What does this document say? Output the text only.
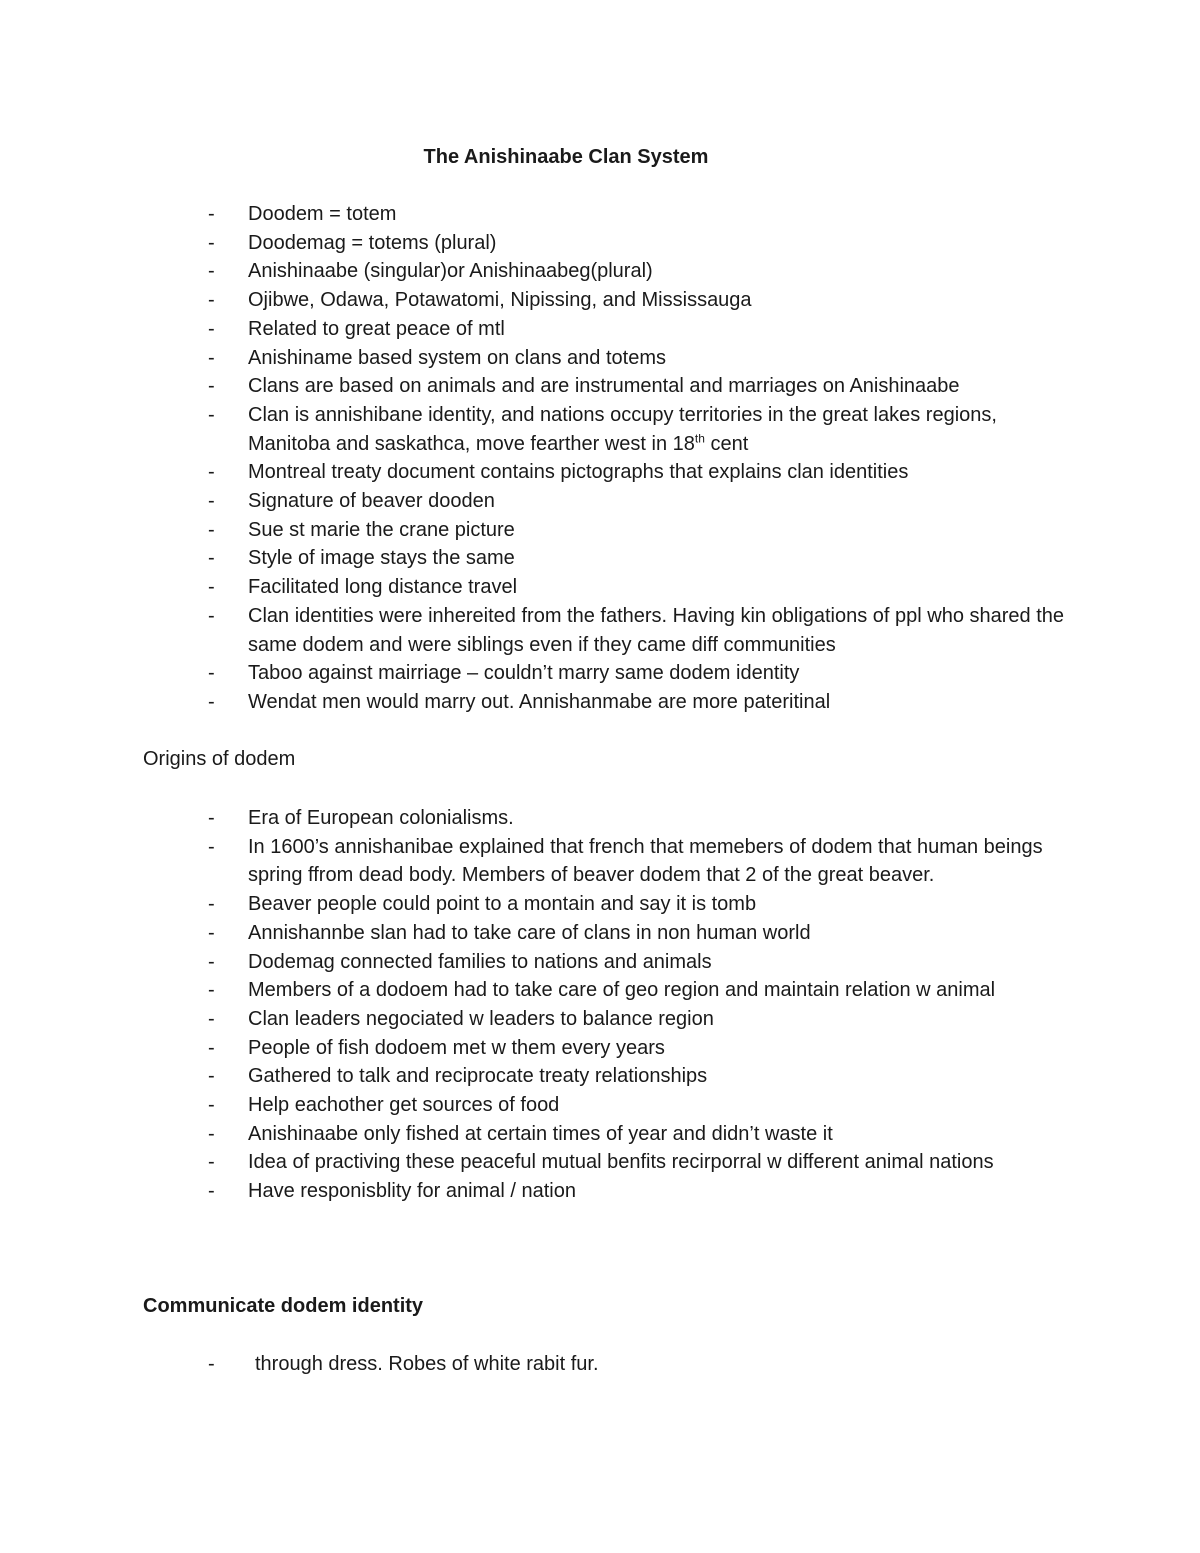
The Anishinaabe Clan System
- Doodem = totem
- Doodemag = totems (plural)
- Anishinaabe (singular)or Anishinaabeg(plural)
- Ojibwe, Odawa, Potawatomi, Nipissing, and Mississauga
- Related to great peace of mtl
- Anishiname based system on clans and totems
- Clans are based on animals and are instrumental and marriages on Anishinaabe
- Clan is annishibane identity, and nations occupy territories in the great lakes regions, Manitoba and saskathca, move fearther west in 18th cent
- Montreal treaty document contains pictographs that explains clan identities
- Signature of beaver dooden
- Sue st marie the crane picture
- Style of image stays the same
- Facilitated long distance travel
- Clan identities were inhereited from the fathers. Having kin obligations of ppl who shared the same dodem and were siblings even if they came diff communities
- Taboo against mairriage – couldn’t marry same dodem identity
- Wendat men would marry out. Annishanmabe are more pateritinal
Origins of dodem
- Era of European colonialisms.
- In 1600’s annishanibae explained that french that memebers of dodem that human beings spring ffrom dead body. Members of beaver dodem that 2 of the great beaver.
- Beaver people could point to a montain and say it is tomb
- Annishannbe slan had to take care of clans in non human world
- Dodemag connected families to nations and animals
- Members of a dodoem had to take care of geo region and maintain relation w animal
- Clan leaders negociated w leaders to balance region
- People of fish dodoem met w them every years
- Gathered to talk and reciprocate treaty relationships
- Help eachother get sources of food
- Anishinaabe only fished at certain times of year and didn’t waste it
- Idea of practiving these peaceful mutual benfits recirporral w different animal nations
- Have responisblity for animal / nation
Communicate dodem identity
- through dress. Robes of white rabit fur.
